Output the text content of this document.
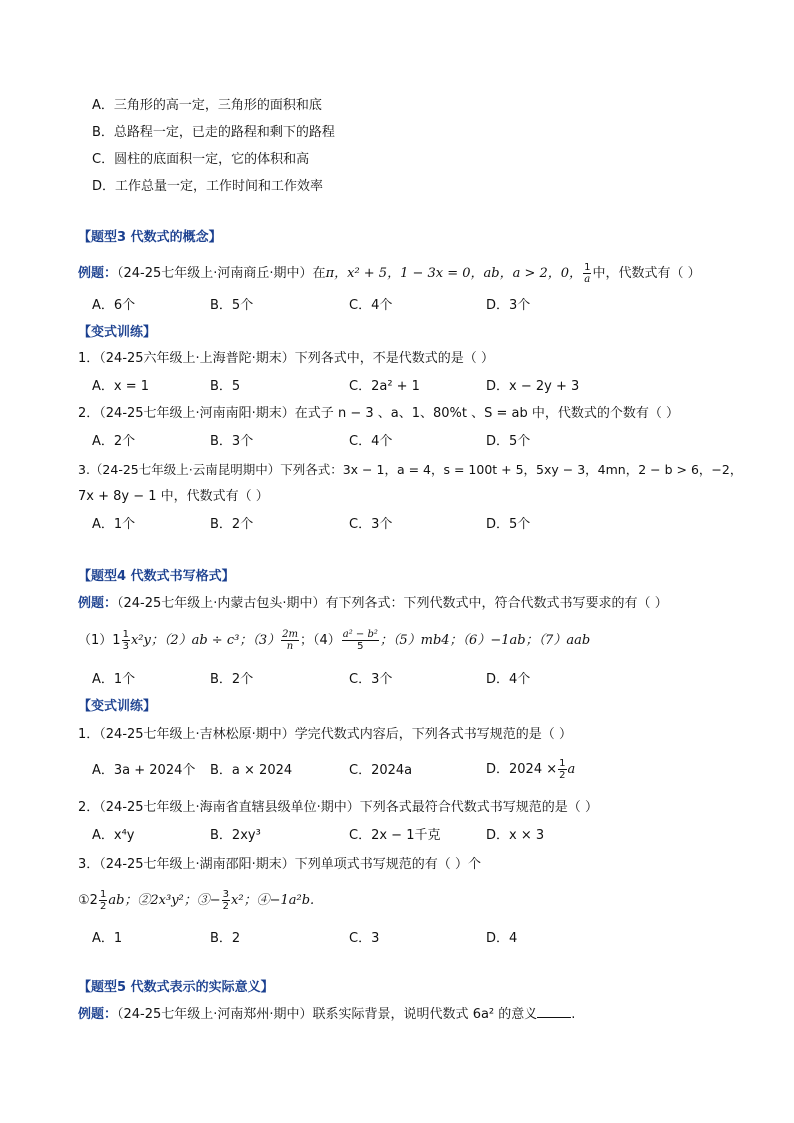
A．三角形的高一定，三角形的面积和底
B．总路程一定，已走的路程和剩下的路程
C．圆柱的底面积一定，它的体积和高
D．工作总量一定，工作时间和工作效率
【题型3 代数式的概念】
例题：（24-25七年级上·河南商丘·期中）在π，x² + 5，1 − 3x = 0，ab，a > 2，0， $\frac{1}{a}$ 中，代数式有（ ）
A．6个	B．5个	C．4个	D．3个
【变式训练】
1．（24-25六年级上·上海普陀·期末）下列各式中，不是代数式的是（ ）
A．x = 1	B．5	C．2a² + 1	D．x − 2y + 3
2．（24-25七年级上·河南南阳·期末）在式子 n − 3 、a、1、80%t 、S = ab 中，代数式的个数有（ ）
A．2个	B．3个	C．4个	D．5个
3.（24-25七年级上·云南昆明期中）下列各式：3x − 1，a = 4，s = 100t + 5，5xy − 3，4mn，2 − b > 6，−2，
7x + 8y − 1 中，代数式有（ ）
A．1个	B．2个	C．3个	D．5个
【题型4 代数式书写格式】
例题：（24-25七年级上·内蒙古包头·期中）有下列各式：下列代数式中，符合代数式书写要求的有（ ）
$(1)1 \frac{1}{3} x^2y$；（2）ab ÷ c³；$(3) \frac{2m}{n}$ ；$(4) \frac{\text{a² − b²}}{5}$ ；（5）mb4；（6）−1ab；（7）aab
A．1个	B．2个	C．3个	D．4个
【变式训练】
1．（24-25七年级上·吉林松原·期中）学完代数式内容后，下列各式书写规范的是（ ）
A．3a + 2024个 B．a × 2024	C．2024a	D．$2024 \times \frac{1}{2}$ a
2．（24-25七年级上·海南省直辖县级单位·期中）下列各式最符合代数式书写规范的是（ ）
A．x⁴y	B．2xy³	C．2x − 1千克	D．x × 3
3．（24-25七年级上·湖南邵阳·期末）下列单项式书写规范的有（ ）个
①2 $\frac{1}{2}$ ab；②2x³y²；③− $\frac{3}{2} x^2$；④−1a²b.
A．1	B．2	C．3	D．4
【题型5 代数式表示的实际意义】
例题：（24-25七年级上·河南郑州·期中）联系实际背景，说明代数式 6a² 的意义	.
